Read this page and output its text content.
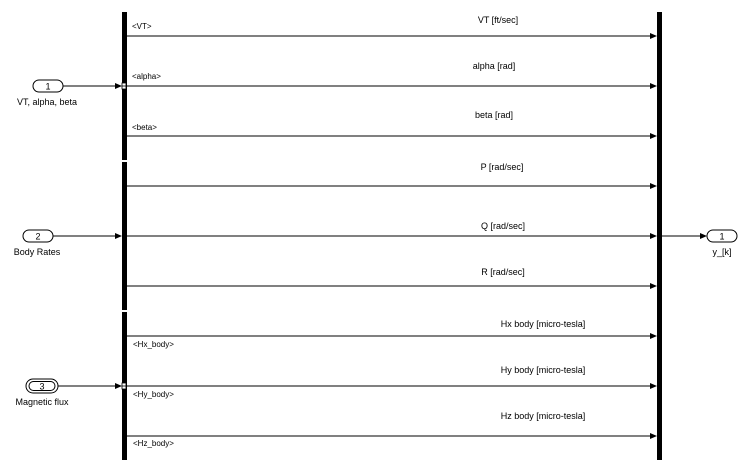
VT [ft/sec]
alpha [rad]
beta [rad]
P [rad/sec]
Q [rad/sec]
R [rad/sec]
Hx body [micro-tesla]
Hy body [micro-tesla]
Hz body [micro-tesla]
<VT>
<alpha>
<beta>
<Hx_body>
<Hy_body>
<Hz_body>
1
VT, alpha, beta
2
Body Rates
3
Magnetic flux
1
y_[k]
